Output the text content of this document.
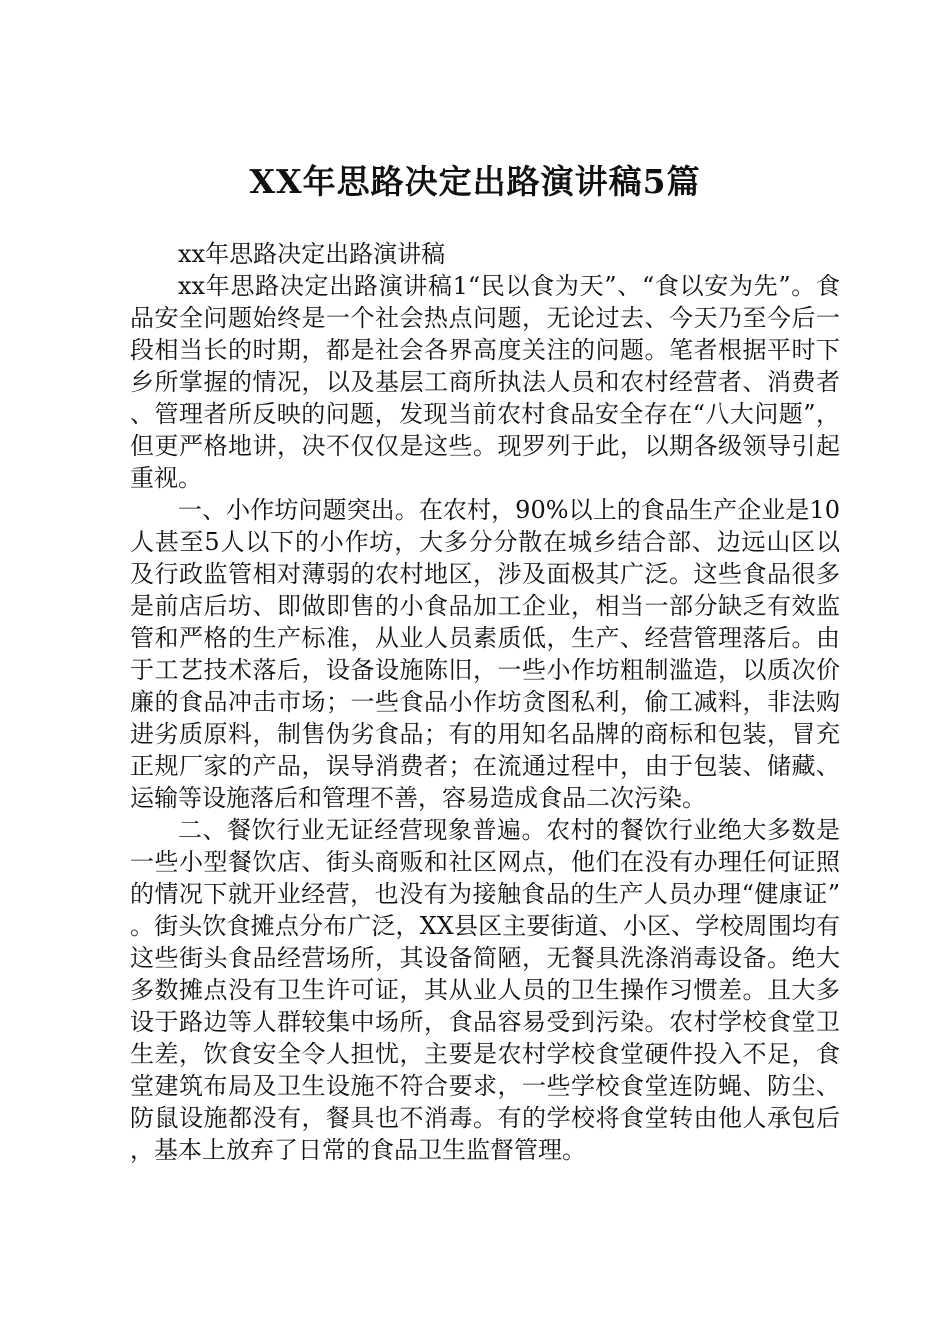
XX年思路决定出路演讲稿5篇

xx年思路决定出路演讲稿

xx年思路决定出路演讲稿1“民以食为天”、“食以安为先”。食品安全问题始终是一个社会热点问题，无论过去、今天乃至今后一段相当长的时期，都是社会各界高度关注的问题。笔者根据平时下乡所掌握的情况，以及基层工商所执法人员和农村经营者、消费者、管理者所反映的问题，发现当前农村食品安全存在“八大问题”，但更严格地讲，决不仅仅是这些。现罗列于此，以期各级领导引起重视。

一、小作坊问题突出。在农村，90%以上的食品生产企业是10人甚至5人以下的小作坊，大多分分散在城乡结合部、边远山区以及行政监管相对薄弱的农村地区，涉及面极其广泛。这些食品很多是前店后坊、即做即售的小食品加工企业，相当一部分缺乏有效监管和严格的生产标准，从业人员素质低，生产、经营管理落后。由于工艺技术落后，设备设施陈旧，一些小作坊粗制滥造，以质次价廉的食品冲击市场；一些食品小作坊贪图私利，偷工减料，非法购进劣质原料，制售伪劣食品；有的用知名品牌的商标和包装，冒充正规厂家的产品，误导消费者；在流通过程中，由于包装、储藏、运输等设施落后和管理不善，容易造成食品二次污染。

二、餐饮行业无证经营现象普遍。农村的餐饮行业绝大多数是一些小型餐饮店、街头商贩和社区网点，他们在没有办理任何证照的情况下就开业经营，也没有为接触食品的生产人员办理“健康证”。街头饮食摊点分布广泛，XX县区主要街道、小区、学校周围均有这些街头食品经营场所，其设备简陋，无餐具洗涤消毒设备。绝大多数摊点没有卫生许可证，其从业人员的卫生操作习惯差。且大多设于路边等人群较集中场所，食品容易受到污染。农村学校食堂卫生差，饮食安全令人担忧，主要是农村学校食堂硬件投入不足，食堂建筑布局及卫生设施不符合要求，一些学校食堂连防蝇、防尘、防鼠设施都没有，餐具也不消毒。有的学校将食堂转由他人承包后，基本上放弃了日常的食品卫生监督管理。
